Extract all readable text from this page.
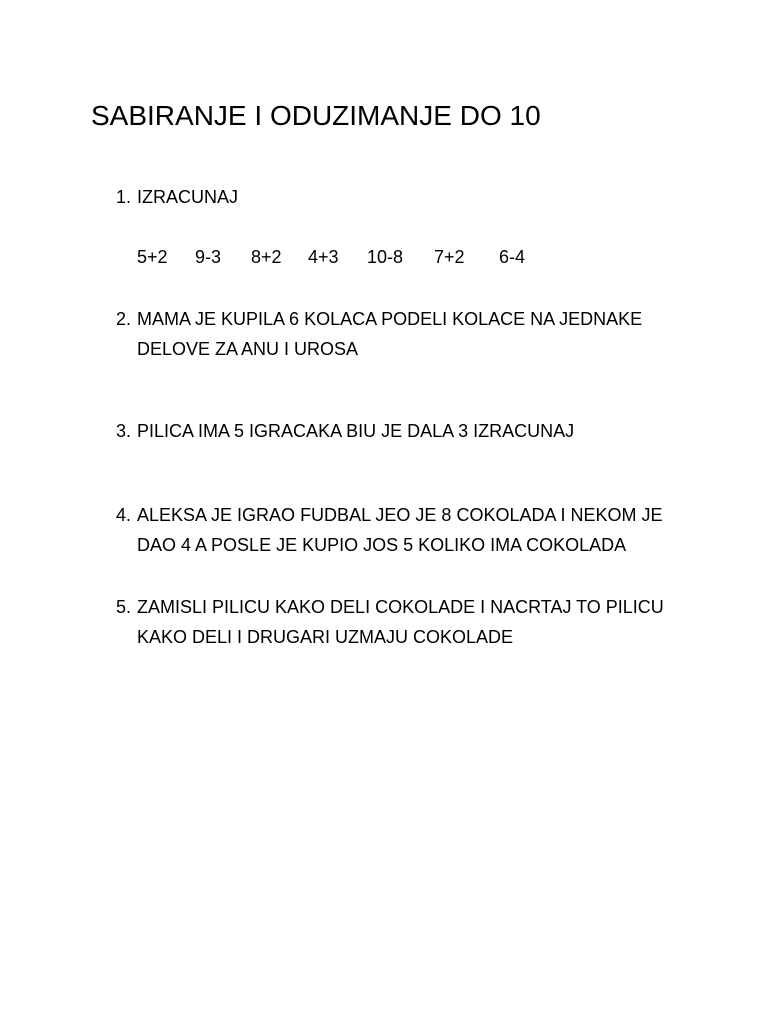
SABIRANJE I ODUZIMANJE DO 10
1. IZRACUNAJ
5+2 9-3 8+2 4+3 10-8 7+2 6-4
2. MAMA JE KUPILA 6 KOLACA PODELI KOLACE NA JEDNAKE
DELOVE ZA ANU I UROSA
3. PILICA IMA 5 IGRACAKA BIU JE DALA 3 IZRACUNAJ
4. ALEKSA JE IGRAO FUDBAL JEO JE 8 COKOLADA I NEKOM JE
DAO 4 A POSLE JE KUPIO JOS 5 KOLIKO IMA COKOLADA
5. ZAMISLI PILICU KAKO DELI COKOLADE I NACRTAJ TO PILICU
KAKO DELI I DRUGARI UZMAJU COKOLADE
